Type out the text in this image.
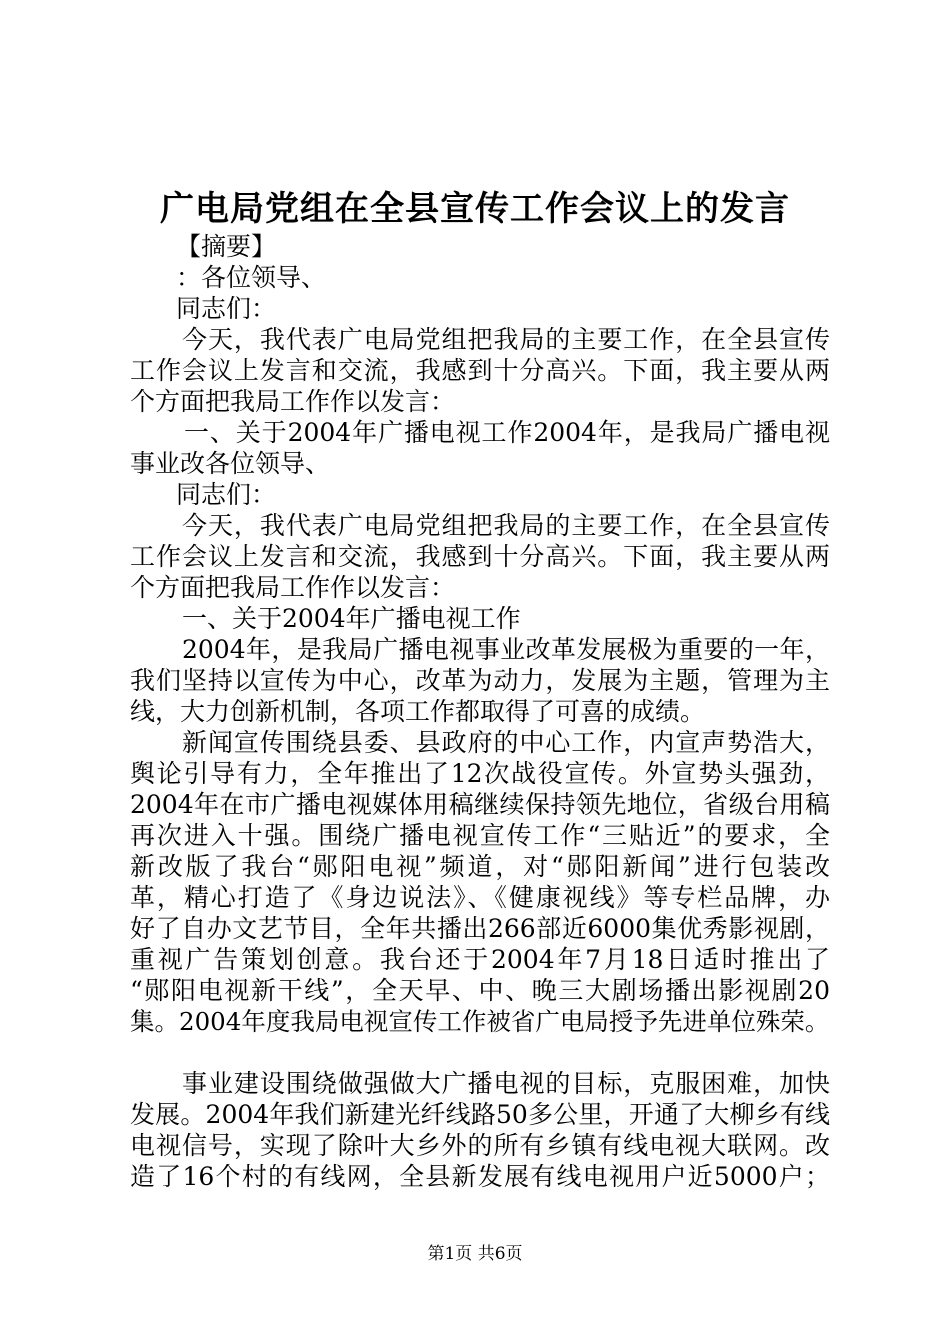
广电局党组在全县宣传工作会议上的发言

【摘要】

：各位领导、

同志们：

今天，我代表广电局党组把我局的主要工作，在全县宣传

工作会议上发言和交流，我感到十分高兴。下面，我主要从两

个方面把我局工作作以发言：

一、关于2004年广播电视工作2004年，是我局广播电视

事业改各位领导、

同志们：

今天，我代表广电局党组把我局的主要工作，在全县宣传

工作会议上发言和交流，我感到十分高兴。下面，我主要从两

个方面把我局工作作以发言：

一、关于2004年广播电视工作

2004年，是我局广播电视事业改革发展极为重要的一年，

我们坚持以宣传为中心，改革为动力，发展为主题，管理为主

线，大力创新机制，各项工作都取得了可喜的成绩。

新闻宣传围绕县委、县政府的中心工作，内宣声势浩大，

舆论引导有力，全年推出了12次战役宣传。外宣势头强劲，

2004年在市广播电视媒体用稿继续保持领先地位，省级台用稿

再次进入十强。围绕广播电视宣传工作“三贴近”的要求，全

新改版了我台“郧阳电视”频道，对“郧阳新闻”进行包装改

革，精心打造了《身边说法》、《健康视线》等专栏品牌，办

好了自办文艺节目，全年共播出266部近6000集优秀影视剧，

重视广告策划创意。我台还于2004年7月18日适时推出了

“郧阳电视新干线”，全天早、中、晚三大剧场播出影视剧20

集。2004年度我局电视宣传工作被省广电局授予先进单位殊荣。

事业建设围绕做强做大广播电视的目标，克服困难，加快

发展。2004年我们新建光纤线路50多公里，开通了大柳乡有线

电视信号，实现了除叶大乡外的所有乡镇有线电视大联网。改

造了16个村的有线网，全县新发展有线电视用户近5000户；

第1页 共6页
